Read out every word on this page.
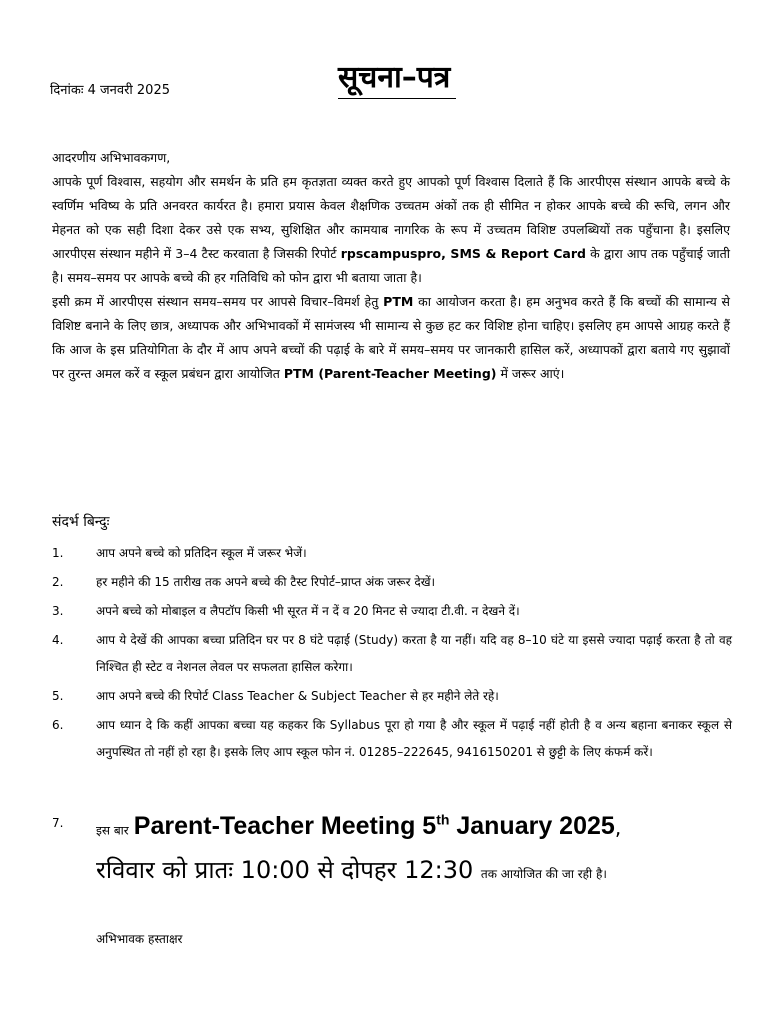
दिनांकः 4 जनवरी 2025	सूचना–पत्र

आदरणीय अभिभावकगण,

आपके पूर्ण विश्वास, सहयोग और समर्थन के प्रति हम कृतज्ञता व्यक्त करते हुए आपको पूर्ण विश्वास दिलाते हैं कि आरपीएस संस्थान आपके बच्चे के स्वर्णिम भविष्य के प्रति अनवरत कार्यरत है। हमारा प्रयास केवल शैक्षणिक उच्चतम अंकों तक ही सीमित न होकर आपके बच्चे की रूचि, लगन और मेहनत को एक सही दिशा देकर उसे एक सभ्य, सुशिक्षित और कामयाब नागरिक के रूप में उच्चतम विशिष्ट उपलब्धियों तक पहुँचाना है। इसलिए आरपीएस संस्थान महीने में 3–4 टैस्ट करवाता है जिसकी रिपोर्ट rpscampuspro, SMS & Report Card के द्वारा आप तक पहुँचाई जाती है। समय–समय पर आपके बच्चे की हर गतिविधि को फोन द्वारा भी बताया जाता है।

इसी क्रम में आरपीएस संस्थान समय–समय पर आपसे विचार–विमर्श हेतु PTM का आयोजन करता है। हम अनुभव करते हैं कि बच्चों की सामान्य से विशिष्ट बनाने के लिए छात्र, अध्यापक और अभिभावकों में सामंजस्य भी सामान्य से कुछ हट कर विशिष्ट होना चाहिए। इसलिए हम आपसे आग्रह करते हैं कि आज के इस प्रतियोगिता के दौर में आप अपने बच्चों की पढ़ाई के बारे में समय–समय पर जानकारी हासिल करें, अध्यापकों द्वारा बताये गए सुझावों पर तुरन्त अमल करें व स्कूल प्रबंधन द्वारा आयोजित PTM (Parent-Teacher Meeting) में जरूर आएं।

संदर्भ बिन्दुः
1.	आप अपने बच्चे को प्रतिदिन स्कूल में जरूर भेजें।
2.	हर महीने की 15 तारीख तक अपने बच्चे की टैस्ट रिपोर्ट–प्राप्त अंक जरूर देखें।
3.	अपने बच्चे को मोबाइल व लैपटॉप किसी भी सूरत में न दें व 20 मिनट से ज्यादा टी.वी. न देखने दें।
4.	आप ये देखें की आपका बच्चा प्रतिदिन घर पर 8 घंटे पढ़ाई (Study) करता है या नहीं। यदि वह 8–10 घंटे या इससे ज्यादा पढ़ाई करता है तो वह निश्चित ही स्टेट व नेशनल लेवल पर सफलता हासिल करेगा।
5.	आप अपने बच्चे की रिपोर्ट Class Teacher & Subject Teacher से हर महीने लेते रहे।
6.	आप ध्यान दे कि कहीं आपका बच्चा यह कहकर कि Syllabus पूरा हो गया है और स्कूल में पढ़ाई नहीं होती है व अन्य बहाना बनाकर स्कूल से अनुपस्थित तो नहीं हो रहा है। इसके लिए आप स्कूल फोन नं. 01285–222645, 9416150201 से छुट्टी के लिए कंफर्म करें।
7.
इस बार Parent-Teacher Meeting 5th January 2025,
रविवार को प्रातः 10:00 से दोपहर 12:30 तक आयोजित की जा रही है।
अभिभावक हस्ताक्षर
